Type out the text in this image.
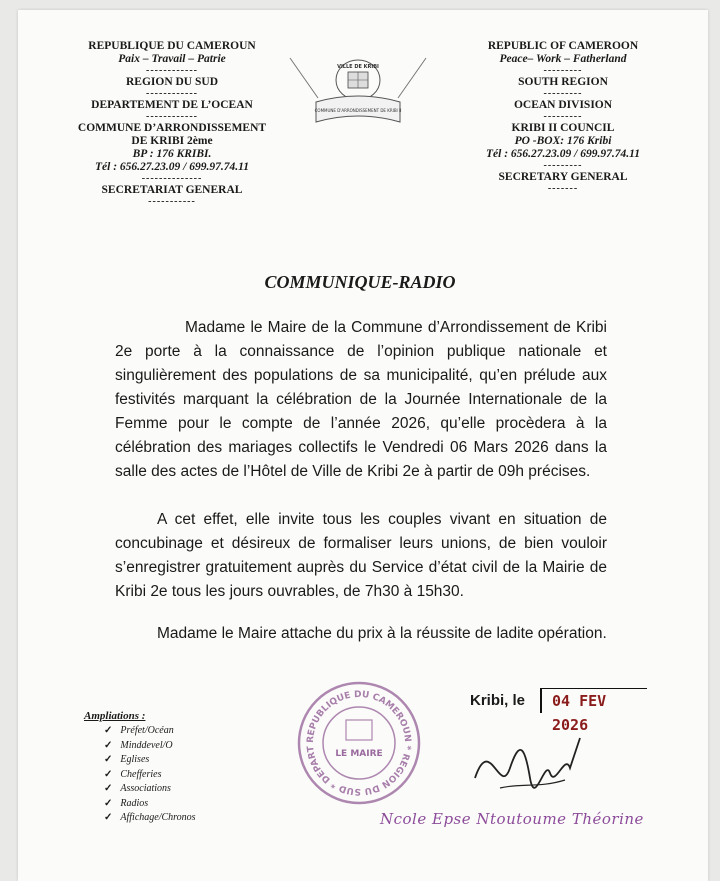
REPUBLIQUE DU CAMEROUN
Paix – Travail – Patrie
------------
REGION DU SUD
------------
DEPARTEMENT DE L’OCEAN
------------
COMMUNE D’ARRONDISSEMENT
DE KRIBI 2ème
BP : 176 KRIBI.
Tél : 656.27.23.09 / 699.97.74.11
--------------
SECRETARIAT GENERAL
-----------
VILLE DE KRIBI
COMMUNE D'ARRONDISSEMENT DE KRIBI II
REPUBLIC OF CAMEROON
Peace– Work – Fatherland
---------
SOUTH REGION
---------
OCEAN DIVISION
---------
KRIBI II COUNCIL
PO -BOX: 176 Kribi
Tél : 656.27.23.09 / 699.97.74.11
---------
SECRETARY GENERAL
-------
COMMUNIQUE-RADIO
Madame le Maire de la Commune d’Arrondissement de Kribi 2e porte à la connaissance de l’opinion publique nationale et singulièrement des populations de sa municipalité, qu’en prélude aux festivités marquant la célébration de la Journée Internationale de la Femme pour le compte de l’année 2026, qu’elle procèdera à la célébration des mariages collectifs le Vendredi 06 Mars 2026 dans la salle des actes de l’Hôtel de Ville de Kribi 2e à partir de 09h précises.
A cet effet, elle invite tous les couples vivant en situation de concubinage et désireux de formaliser leurs unions, de bien vouloir s’enregistrer gratuitement auprès du Service d’état civil de la Mairie de Kribi 2e tous les jours ouvrables, de 7h30 à 15h30.
Madame le Maire attache du prix à la réussite de ladite opération.
Kribi, le	04 FEV 2026
Ampliations :
✓ Préfet/Océan
✓ Minddevel/O
✓ Eglises
✓ Chefferies
✓ Associations
✓ Radios
✓ Affichage/Chronos
REPUBLIQUE DU CAMEROUN * REGION DU SUD * DEPART
LE MAIRE
Ncole Epse Ntoutoume Théorine
